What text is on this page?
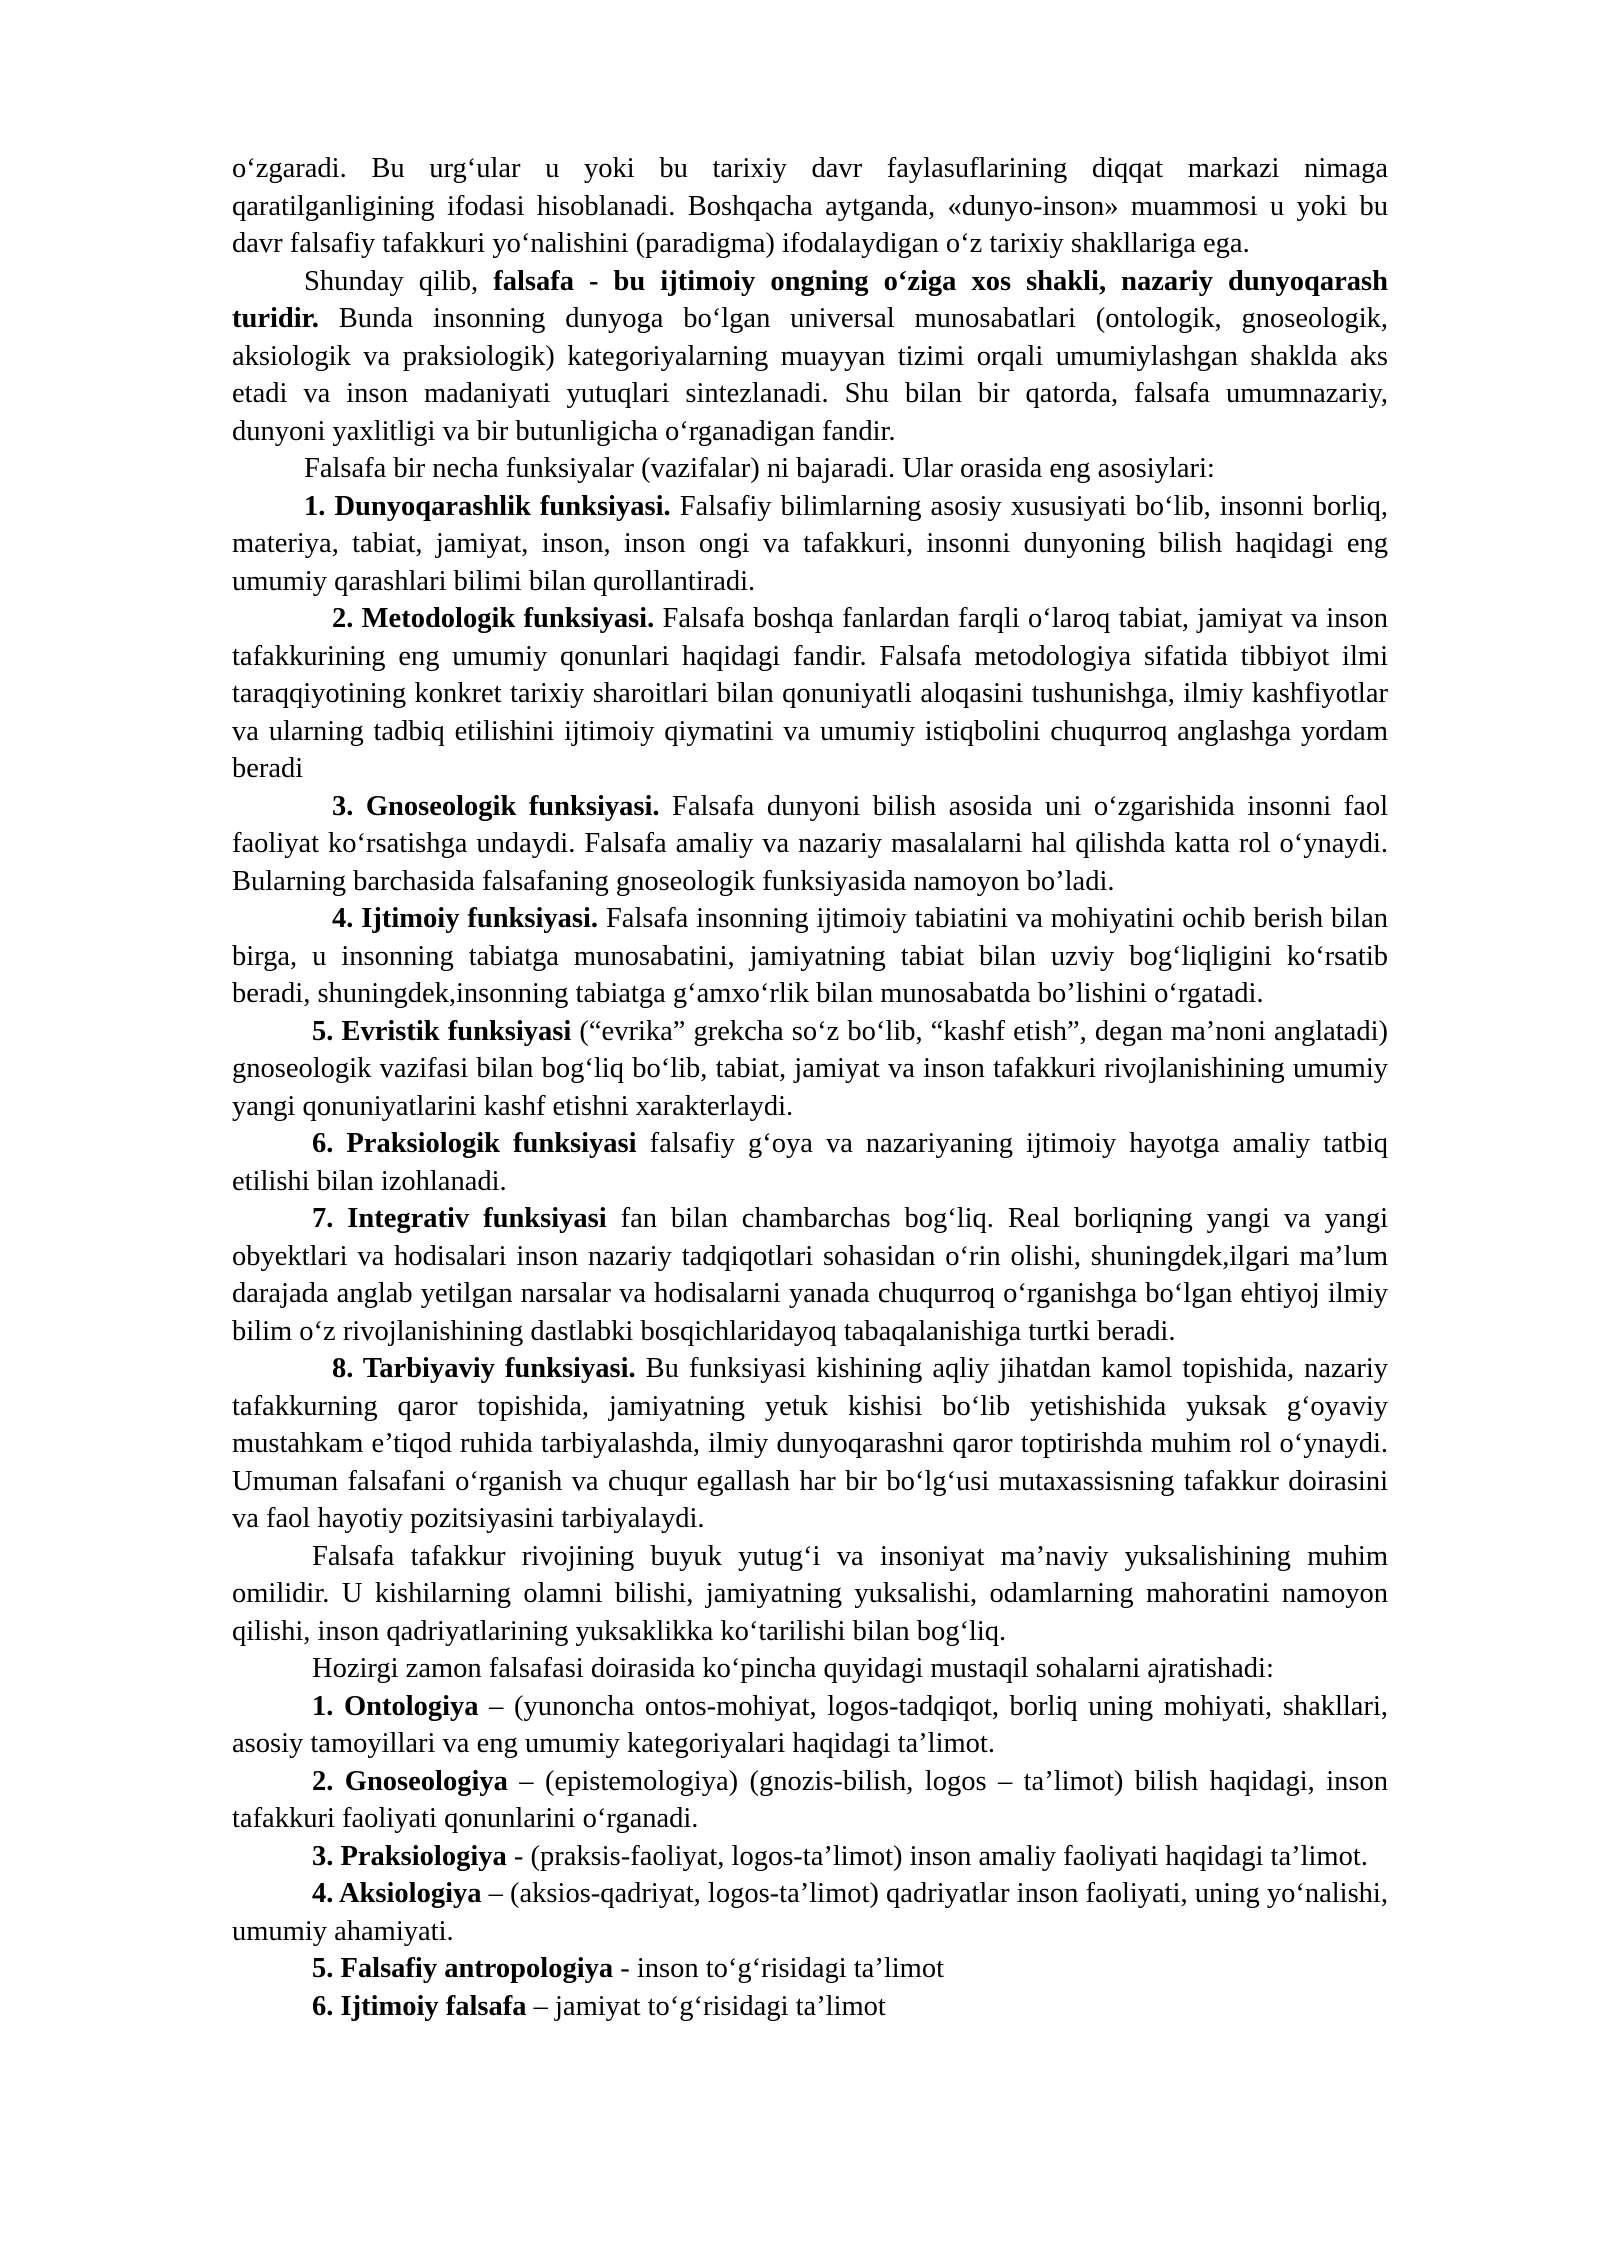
o‘zgaradi. Bu urg‘ular u yoki bu tarixiy davr faylasuflarining diqqat markazi nimaga qaratilganligining ifodasi hisoblanadi. Boshqacha aytganda, «dunyo-inson» muammosi u yoki bu davr falsafiy tafakkuri yo‘nalishini (paradigma) ifodalaydigan o‘z tarixiy shakllariga ega.

Shunday qilib, falsafa - bu ijtimoiy ongning o‘ziga xos shakli, nazariy dunyoqarash turidir. Bunda insonning dunyoga bo‘lgan universal munosabatlari (ontologik, gnoseologik, aksiologik va praksiologik) kategoriyalarning muayyan tizimi orqali umumiylashgan shaklda aks etadi va inson madaniyati yutuqlari sintezlanadi. Shu bilan bir qatorda, falsafa umumnazariy, dunyoni yaxlitligi va bir butunligicha o‘rganadigan fandir.

Falsafa bir necha funksiyalar (vazifalar) ni bajaradi. Ular orasida eng asosiylari:

1. Dunyoqarashlik funksiyasi. Falsafiy bilimlarning asosiy xususiyati bo‘lib, insonni borliq, materiya, tabiat, jamiyat, inson, inson ongi va tafakkuri, insonni dunyoning bilish haqidagi eng umumiy qarashlari bilimi bilan qurollantiradi.

2. Metodologik funksiyasi. Falsafa boshqa fanlardan farqli o‘laroq tabiat, jamiyat va inson tafakkurining eng umumiy qonunlari haqidagi fandir. Falsafa metodologiya sifatida tibbiyot ilmi taraqqiyotining konkret tarixiy sharoitlari bilan qonuniyatli aloqasini tushunishga, ilmiy kashfiyotlar va ularning tadbiq etilishini ijtimoiy qiymatini va umumiy istiqbolini chuqurroq anglashga yordam beradi

3. Gnoseologik funksiyasi. Falsafa dunyoni bilish asosida uni o‘zgarishida insonni faol faoliyat ko‘rsatishga undaydi. Falsafa amaliy va nazariy masalalarni hal qilishda katta rol o‘ynaydi. Bularning barchasida falsafaning gnoseologik funksiyasida namoyon bo’ladi.

4. Ijtimoiy funksiyasi. Falsafa insonning ijtimoiy tabiatini va mohiyatini ochib berish bilan birga, u insonning tabiatga munosabatini, jamiyatning tabiat bilan uzviy bog‘liqligini ko‘rsatib beradi, shuningdek,insonning tabiatga g‘amxo‘rlik bilan munosabatda bo’lishini o‘rgatadi.

5. Evristik funksiyasi (“evrika” grekcha so‘z bo‘lib, “kashf etish”, degan ma’noni anglatadi) gnoseologik vazifasi bilan bog‘liq bo‘lib, tabiat, jamiyat va inson tafakkuri rivojlanishining umumiy yangi qonuniyatlarini kashf etishni xarakterlaydi.

6. Praksiologik funksiyasi falsafiy g‘oya va nazariyaning ijtimoiy hayotga amaliy tatbiq etilishi bilan izohlanadi.

7. Integrativ funksiyasi fan bilan chambarchas bog‘liq. Real borliqning yangi va yangi obyektlari va hodisalari inson nazariy tadqiqotlari sohasidan o‘rin olishi, shuningdek,ilgari ma’lum darajada anglab yetilgan narsalar va hodisalarni yanada chuqurroq o‘rganishga bo‘lgan ehtiyoj ilmiy bilim o‘z rivojlanishining dastlabki bosqichlaridayoq tabaqalanishiga turtki beradi.

8. Tarbiyaviy funksiyasi. Bu funksiyasi kishining aqliy jihatdan kamol topishida, nazariy tafakkurning qaror topishida, jamiyatning yetuk kishisi bo‘lib yetishishida yuksak g‘oyaviy mustahkam e’tiqod ruhida tarbiyalashda, ilmiy dunyoqarashni qaror toptirishda muhim rol o‘ynaydi. Umuman falsafani o‘rganish va chuqur egallash har bir bo‘lg‘usi mutaxassisning tafakkur doirasini va faol hayotiy pozitsiyasini tarbiyalaydi.

Falsafa tafakkur rivojining buyuk yutug‘i va insoniyat ma’naviy yuksalishining muhim omilidir. U kishilarning olamni bilishi, jamiyatning yuksalishi, odamlarning mahoratini namoyon qilishi, inson qadriyatlarining yuksaklikka ko‘tarilishi bilan bog‘liq.

Hozirgi zamon falsafasi doirasida ko‘pincha quyidagi mustaqil sohalarni ajratishadi:

1. Ontologiya – (yunoncha ontos-mohiyat, logos-tadqiqot, borliq uning mohiyati, shakllari, asosiy tamoyillari va eng umumiy kategoriyalari haqidagi ta’limot.

2. Gnoseologiya – (epistemologiya) (gnozis-bilish, logos – ta’limot) bilish haqidagi, inson tafakkuri faoliyati qonunlarini o‘rganadi.

3. Praksiologiya - (praksis-faoliyat, logos-ta’limot) inson amaliy faoliyati haqidagi ta’limot.

4. Aksiologiya – (aksios-qadriyat, logos-ta’limot) qadriyatlar inson faoliyati, uning yo‘nalishi, umumiy ahamiyati.

5. Falsafiy antropologiya - inson to‘g‘risidagi ta’limot

6. Ijtimoiy falsafa – jamiyat to‘g‘risidagi ta’limot
